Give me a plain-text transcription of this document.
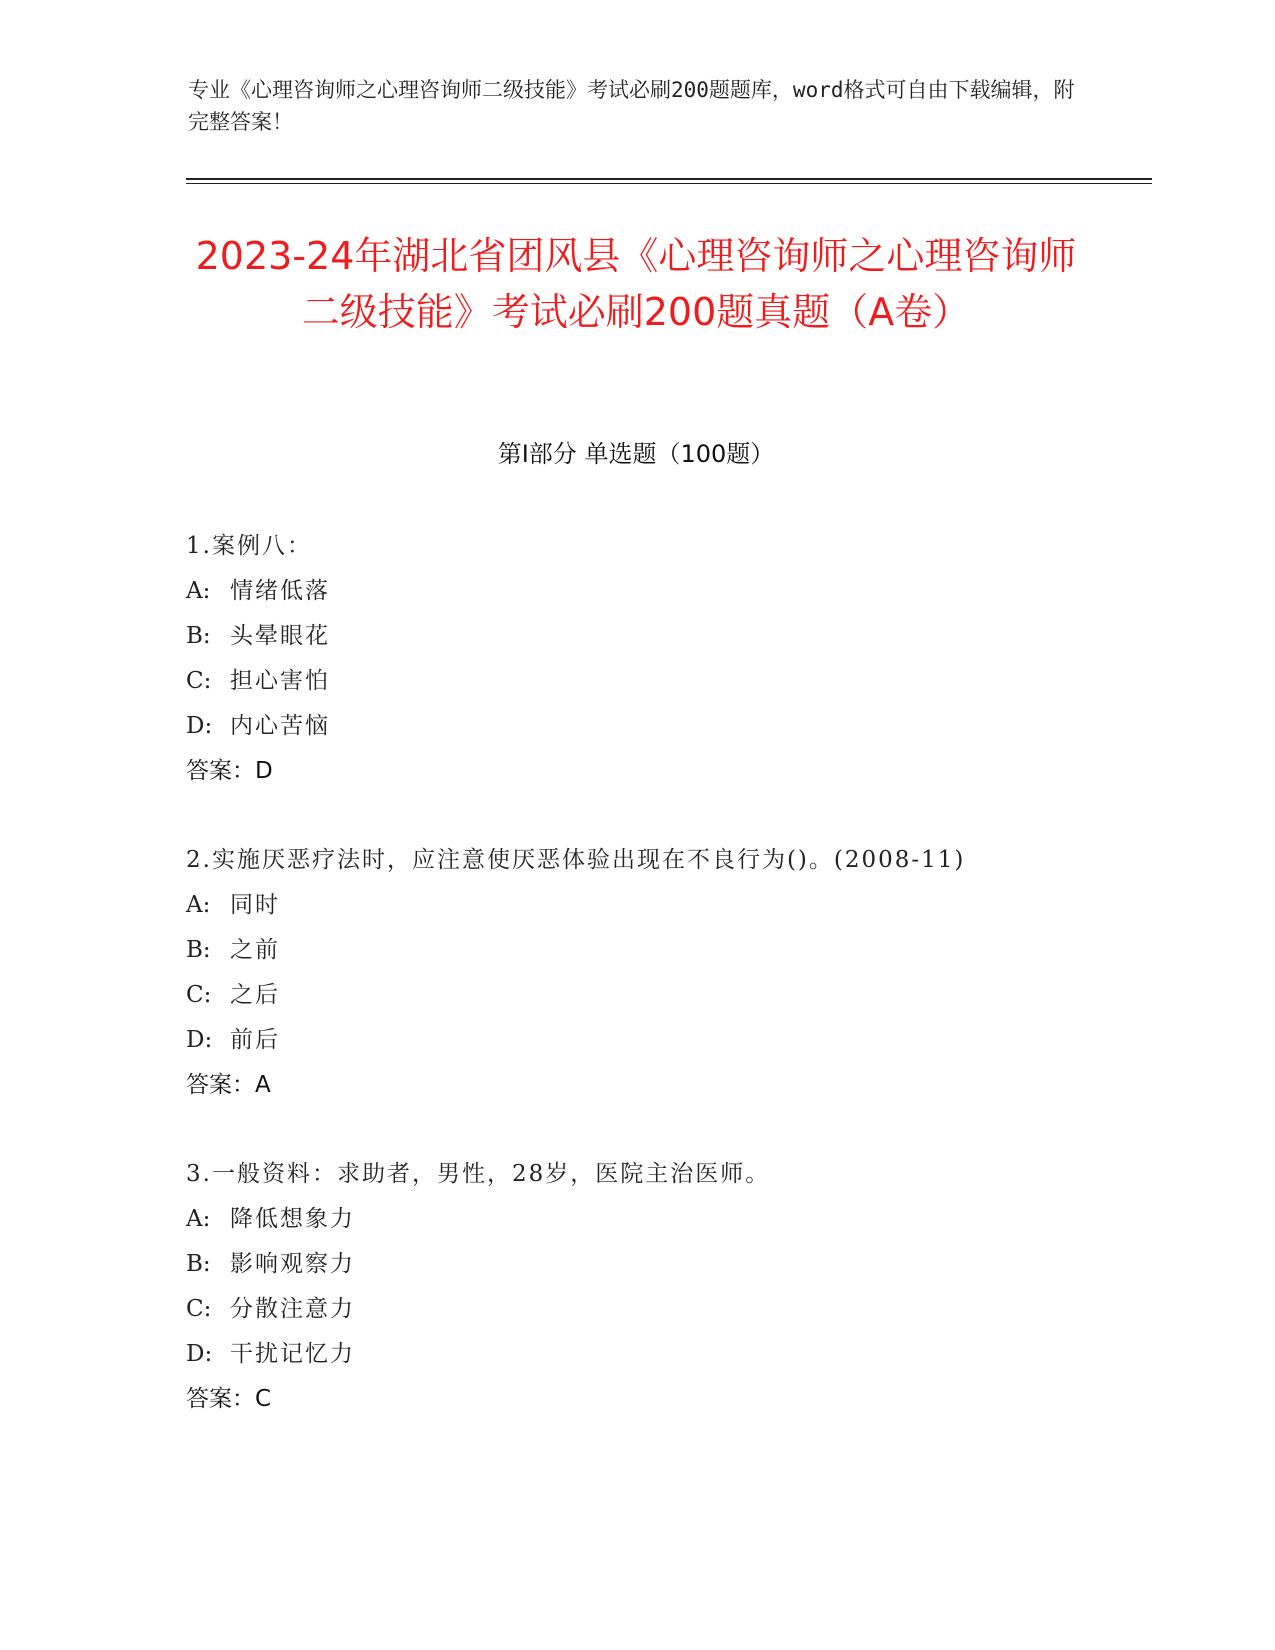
专业《心理咨询师之心理咨询师二级技能》考试必刷200题题库，word格式可自由下载编辑，附完整答案！
2023-24年湖北省团风县《心理咨询师之心理咨询师二级技能》考试必刷200题真题（A卷）
第Ⅰ部分 单选题（100题）
1.案例八：
A: 情绪低落
B: 头晕眼花
C: 担心害怕
D: 内心苦恼
答案：D
2.实施厌恶疗法时，应注意使厌恶体验出现在不良行为()。(2008-11)
A: 同时
B: 之前
C: 之后
D: 前后
答案：A
3.一般资料：求助者，男性，28岁，医院主治医师。
A: 降低想象力
B: 影响观察力
C: 分散注意力
D: 干扰记忆力
答案：C
